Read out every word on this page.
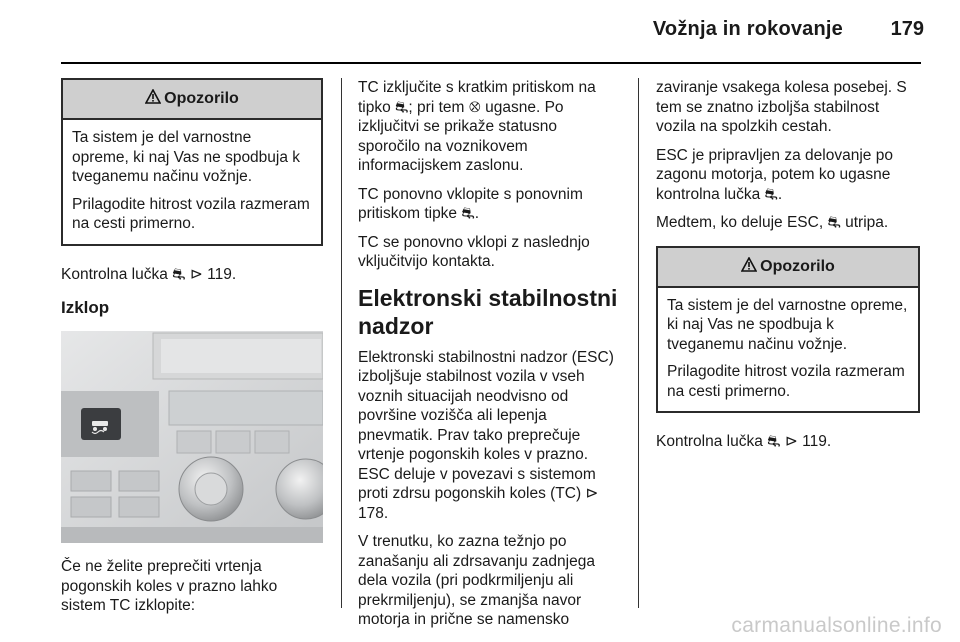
Vožnja in rokovanje 179
Opozorilo

Ta sistem je del varnostne opreme, ki naj Vas ne spodbuja k tveganemu načinu vožnje.

Prilagodite hitrost vozila razmeram na cesti primerno.

Kontrolna lučka ⛐ ⊳ 119.

Izklop

Če ne želite preprečiti vrtenja pogonskih koles v prazno lahko sistem TC izklopite:

TC izključite s kratkim pritiskom na tipko ⛐; pri tem ⛒ ugasne. Po izključitvi se prikaže statusno sporočilo na voznikovem informacijskem zaslonu.

TC ponovno vklopite s ponovnim pritiskom tipke ⛐.

TC se ponovno vklopi z naslednjo vključitvijo kontakta.

Elektronski stabilnostni nadzor

Elektronski stabilnostni nadzor (ESC) izboljšuje stabilnost vozila v vseh voznih situacijah neodvisno od površine vozišča ali lepenja pnevmatik. Prav tako preprečuje vrtenje pogonskih koles v prazno. ESC deluje v povezavi s sistemom proti zdrsu pogonskih koles (TC) ⊳ 178.

V trenutku, ko zazna težnjo po zanašanju ali zdrsavanju zadnjega dela vozila (pri podkrmiljenju ali prekrmiljenju), se zmanjša navor motorja in prične se namensko

zaviranje vsakega kolesa posebej. S tem se znatno izboljša stabilnost vozila na spolzkih cestah.

ESC je pripravljen za delovanje po zagonu motorja, potem ko ugasne kontrolna lučka ⛐.

Medtem, ko deluje ESC, ⛐ utripa.

Opozorilo

Ta sistem je del varnostne opreme, ki naj Vas ne spodbuja k tveganemu načinu vožnje.

Prilagodite hitrost vozila razmeram na cesti primerno.

Kontrolna lučka ⛐ ⊳ 119.

carmanualsonline.info
